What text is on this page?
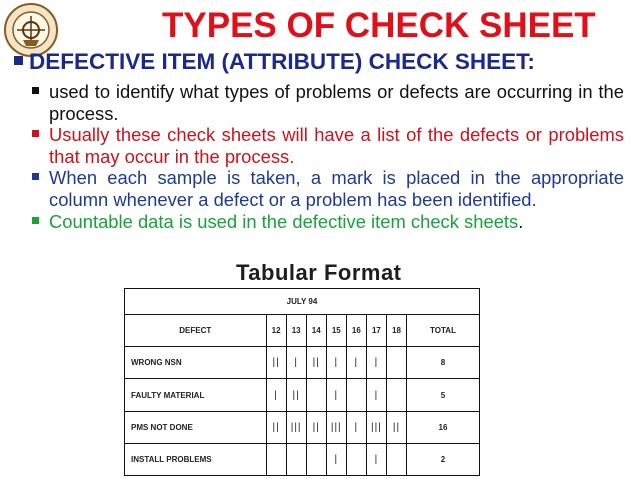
TYPES OF CHECK SHEET
DEFECTIVE ITEM (ATTRIBUTE) CHECK SHEET:
used to identify what types of problems or defects are occurring in the process.
Usually these check sheets will have a list of the defects or problems that may occur in the process.
When each sample is taken, a mark is placed in the appropriate column whenever a defect or a problem has been identified.
Countable data is used in the defective item check sheets.
Tabular Format
JULY 94								
DEFECT	12	13	14	15	16	17	18	TOTAL
WRONG NSN	||	|	||	|	|	|		8
FAULTY MATERIAL	|	||		|		|		5
PMS NOT DONE	||	|||	||	|||	|	|||	||	16
INSTALL PROBLEMS				|		|		2
